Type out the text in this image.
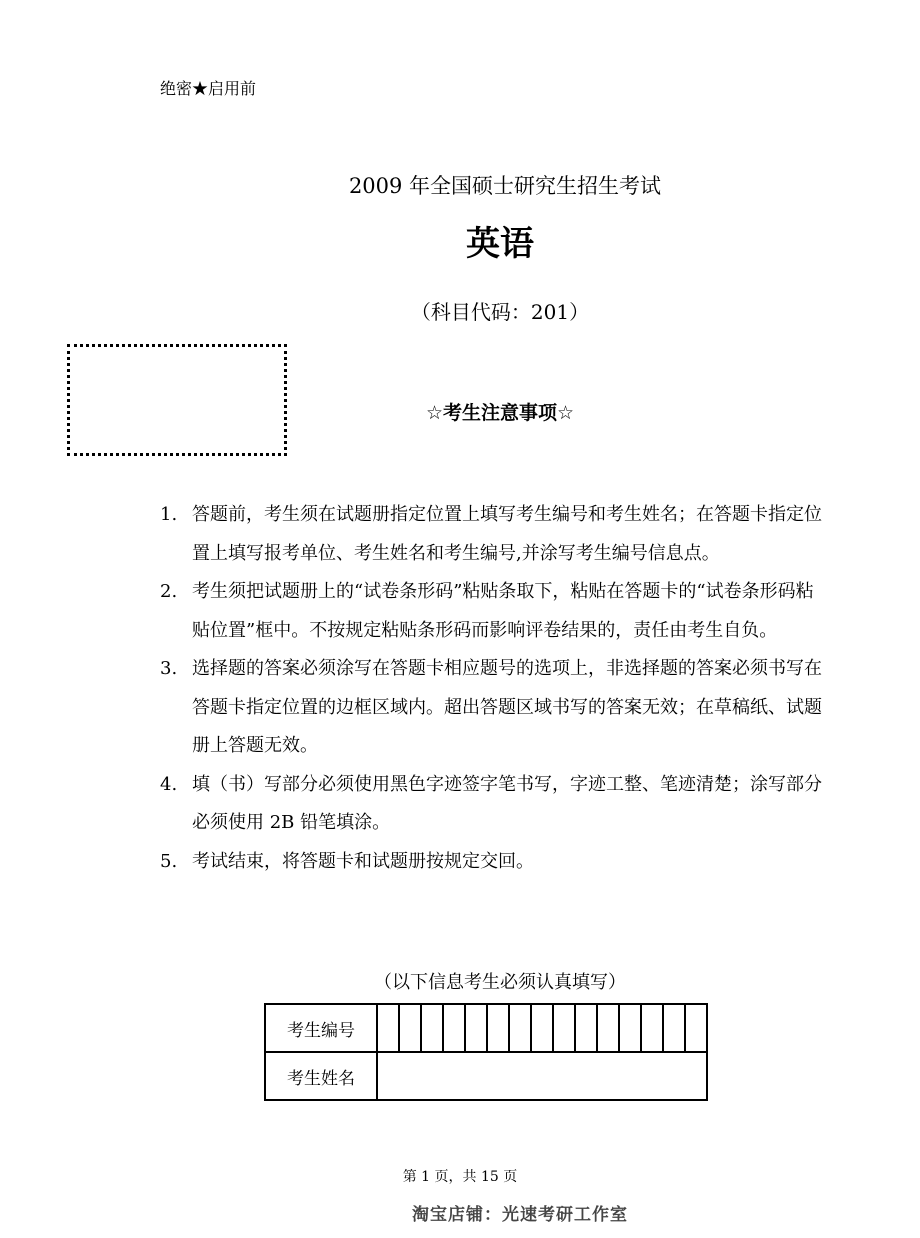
绝密★启用前
2009 年全国硕士研究生招生考试
英语
（科目代码：201）
☆考生注意事项☆
1. 答题前，考生须在试题册指定位置上填写考生编号和考生姓名；在答题卡指定位置上填写报考单位、考生姓名和考生编号,并涂写考生编号信息点。
2. 考生须把试题册上的“试卷条形码”粘贴条取下，粘贴在答题卡的“试卷条形码粘贴位置”框中。不按规定粘贴条形码而影响评卷结果的，责任由考生自负。
3. 选择题的答案必须涂写在答题卡相应题号的选项上，非选择题的答案必须书写在答题卡指定位置的边框区域内。超出答题区域书写的答案无效；在草稿纸、试题册上答题无效。
4. 填（书）写部分必须使用黑色字迹签字笔书写，字迹工整、笔迹清楚；涂写部分必须使用 2B 铅笔填涂。
5. 考试结束，将答题卡和试题册按规定交回。
（以下信息考生必须认真填写）
考生编号															
考生姓名															
第 1 页，共 15 页
淘宝店铺：光速考研工作室
